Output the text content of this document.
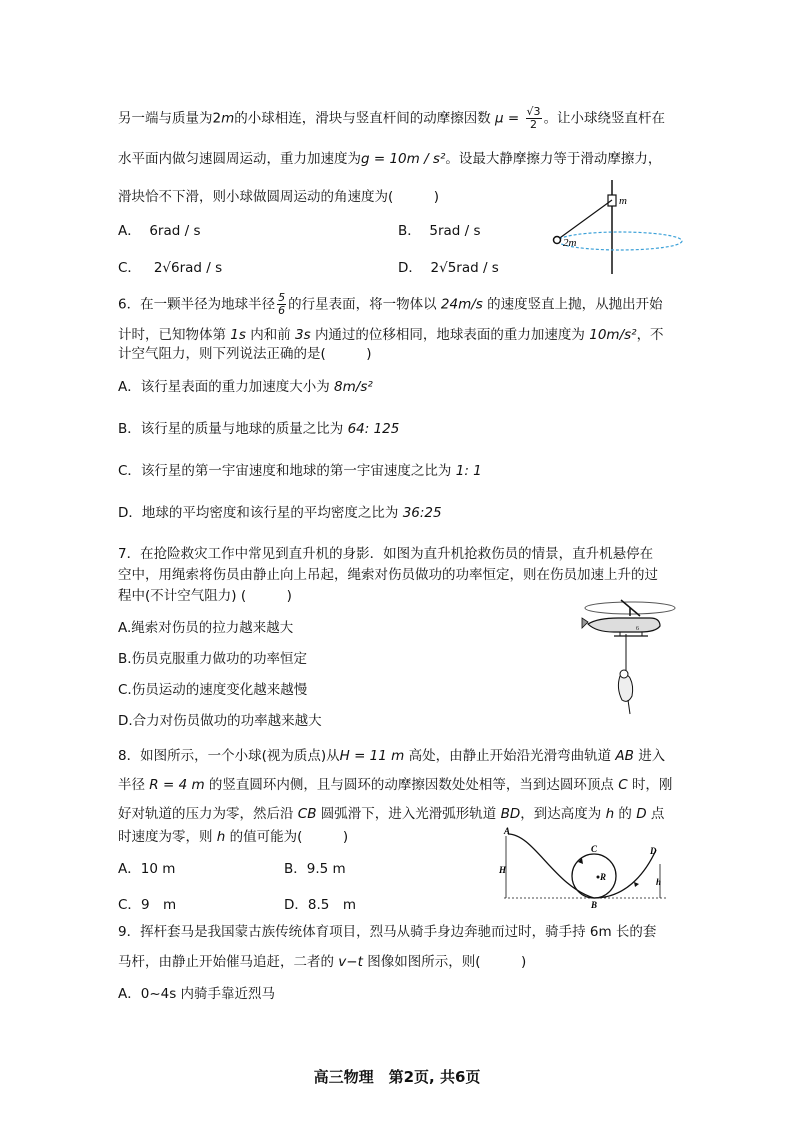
另一端与质量为2m的小球相连，滑块与竖直杆间的动摩擦因数 $\mu = \frac{√3}{2}$ 。让小球绕竖直杆在
水平面内做匀速圆周运动，重力加速度为g = 10m / s²。设最大静摩擦力等于滑动摩擦力，
滑块恰不下滑，则小球做圆周运动的角速度为(　　　)
A． 6rad / s	B． 5rad / s
C． 2√6rad / s	D． 2√5rad / s
m
2m
6．在一颗半径为地球半径 $\frac{5}{6}$ 的行星表面，将一物体以 24m/s 的速度竖直上抛，从抛出开始
计时，已知物体第 1s 内和前 3s 内通过的位移相同，地球表面的重力加速度为 10m/s²，不
计空气阻力，则下列说法正确的是(　　　)
A．该行星表面的重力加速度大小为 8m/s²
B．该行星的质量与地球的质量之比为 64: 125
C．该行星的第一宇宙速度和地球的第一宇宙速度之比为 1: 1
D．地球的平均密度和该行星的平均密度之比为 36:25
7．在抢险救灾工作中常见到直升机的身影．如图为直升机抢救伤员的情景，直升机悬停在
空中，用绳索将伤员由静止向上吊起，绳索对伤员做功的功率恒定，则在伤员加速上升的过
程中(不计空气阻力) (　　　)
A.绳索对伤员的拉力越来越大
B.伤员克服重力做功的功率恒定
C.伤员运动的速度变化越来越慢
D.合力对伤员做功的功率越来越大
6
8．如图所示，一个小球(视为质点)从H = 11 m 高处，由静止开始沿光滑弯曲轨道 AB 进入
半径 R = 4 m 的竖直圆环内侧，且与圆环的动摩擦因数处处相等，当到达圆环顶点 C 时，刚
好对轨道的压力为零，然后沿 CB 圆弧滑下，进入光滑弧形轨道 BD，到达高度为 h 的 D 点
时速度为零，则 h 的值可能为(　　　)
A．10 m	B．9.5 m
C．9　m	D．8.5　m
A
B
C	D
H
R	h
9．挥杆套马是我国蒙古族传统体育项目，烈马从骑手身边奔驰而过时，骑手持 6m 长的套
马杆，由静止开始催马追赶，二者的 v−t 图像如图所示，则(　　　)
A．0~4s 内骑手靠近烈马
高三物理　第2页, 共6页
